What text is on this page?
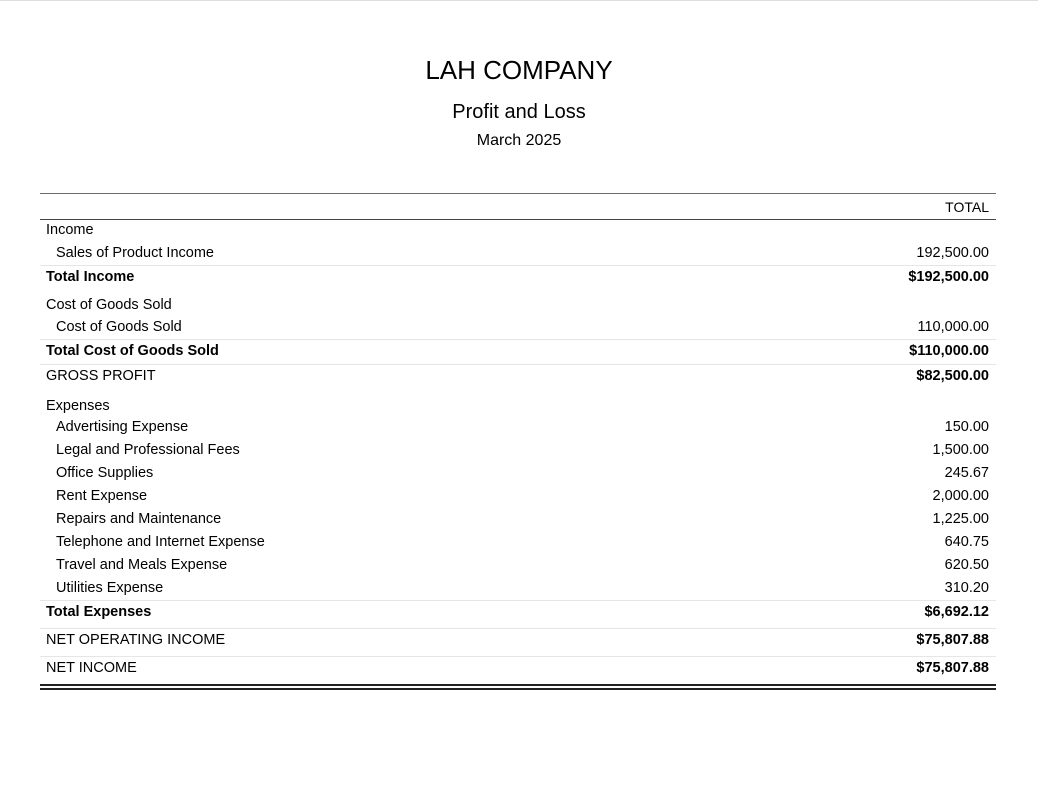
LAH COMPANY
Profit and Loss
March 2025
TOTAL
Income
Sales of Product Income	192,500.00
Total Income	$192,500.00
Cost of Goods Sold
Cost of Goods Sold	110,000.00
Total Cost of Goods Sold	$110,000.00
GROSS PROFIT	$82,500.00
Expenses
Advertising Expense	150.00
Legal and Professional Fees	1,500.00
Office Supplies	245.67
Rent Expense	2,000.00
Repairs and Maintenance	1,225.00
Telephone and Internet Expense	640.75
Travel and Meals Expense	620.50
Utilities Expense	310.20
Total Expenses	$6,692.12
NET OPERATING INCOME	$75,807.88
NET INCOME	$75,807.88
